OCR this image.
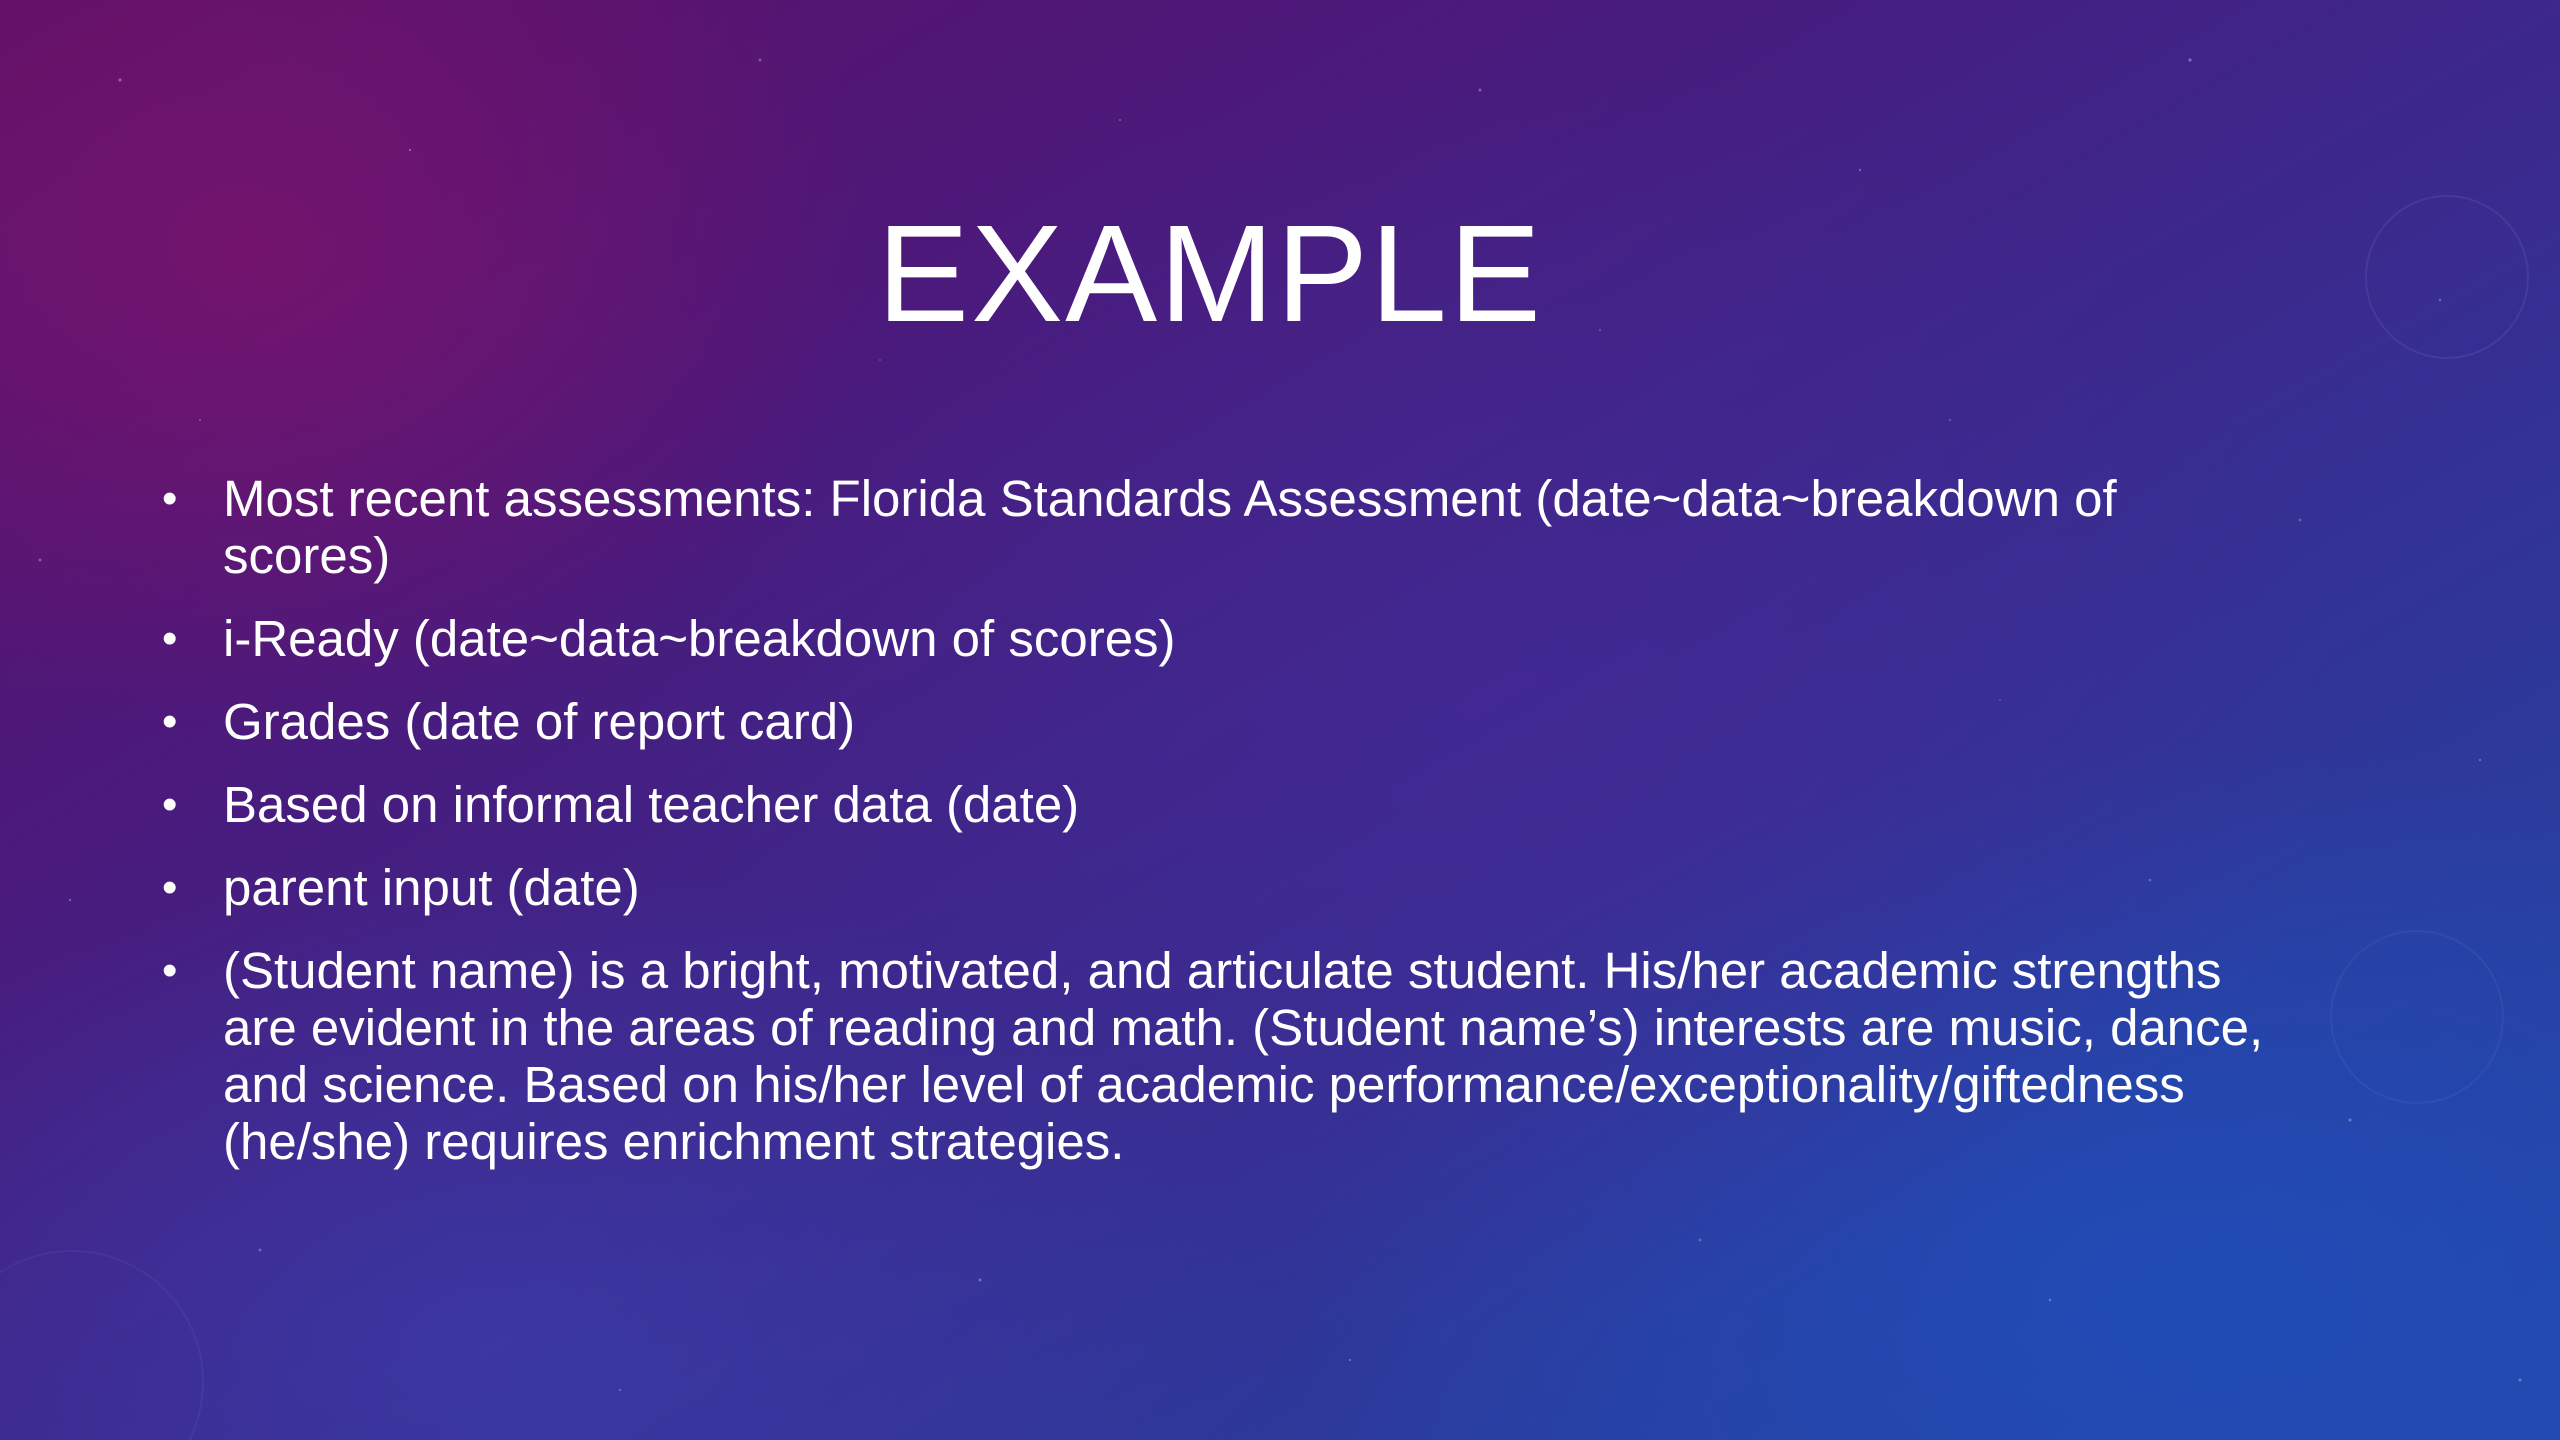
EXAMPLE
• Most recent assessments: Florida Standards Assessment (date~data~breakdown of scores)
• i-Ready (date~data~breakdown of scores)
• Grades (date of report card)
• Based on informal teacher data (date)
• parent input (date)
• (Student name) is a bright, motivated, and articulate student. His/her academic strengths are evident in the areas of reading and math. (Student name’s) interests are music, dance, and science. Based on his/her level of academic performance/exceptionality/giftedness (he/she) requires enrichment strategies.
